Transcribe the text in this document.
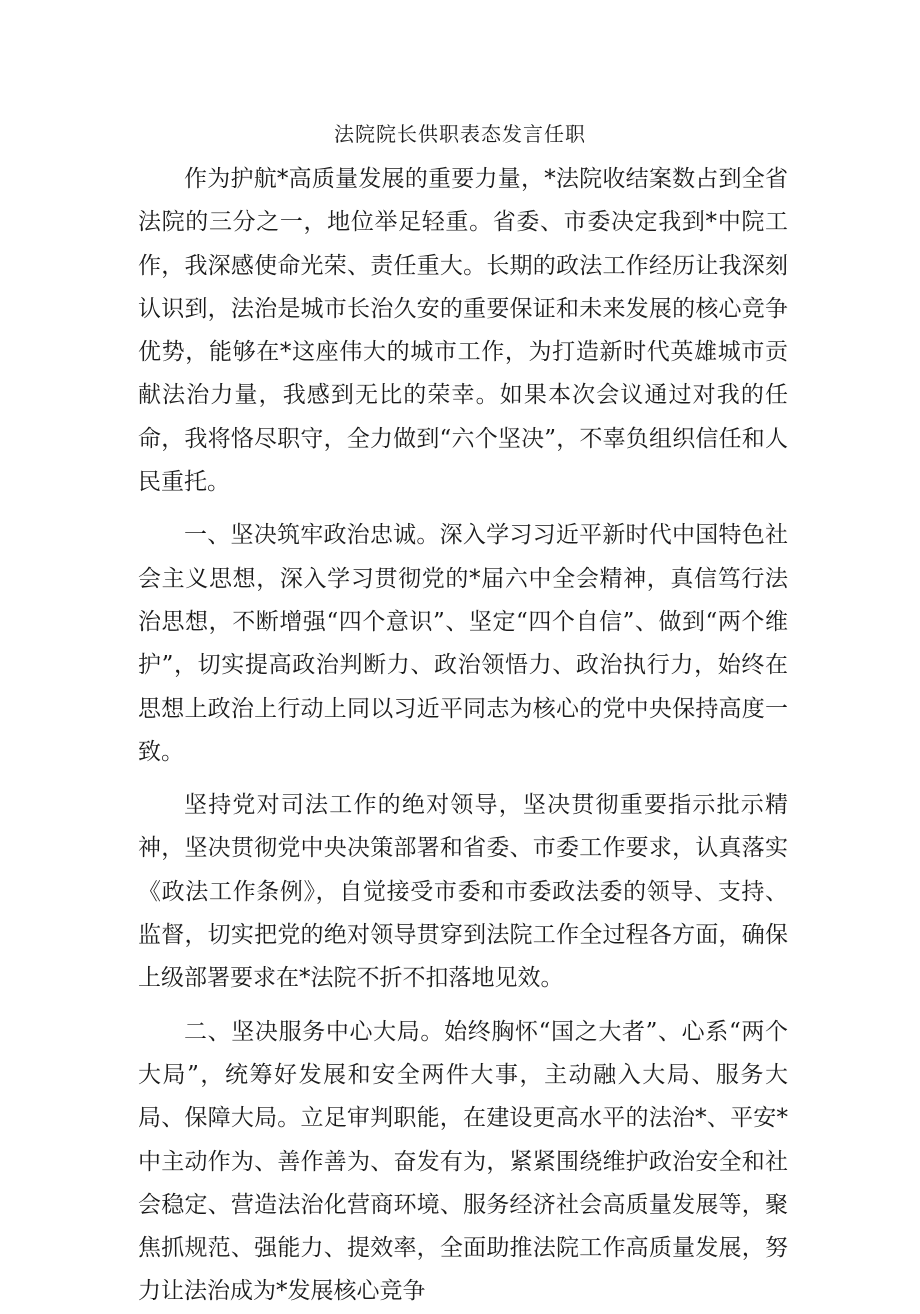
法院院长供职表态发言任职

作为护航*高质量发展的重要力量，*法院收结案数占到全省法院的三分之一，地位举足轻重。省委、市委决定我到*中院工作，我深感使命光荣、责任重大。长期的政法工作经历让我深刻认识到，法治是城市长治久安的重要保证和未来发展的核心竞争优势，能够在*这座伟大的城市工作，为打造新时代英雄城市贡献法治力量，我感到无比的荣幸。如果本次会议通过对我的任命，我将恪尽职守，全力做到“六个坚决”，不辜负组织信任和人民重托。

一、坚决筑牢政治忠诚。深入学习习近平新时代中国特色社会主义思想，深入学习贯彻党的*届六中全会精神，真信笃行法治思想，不断增强“四个意识”、坚定“四个自信”、做到“两个维护”，切实提高政治判断力、政治领悟力、政治执行力，始终在思想上政治上行动上同以习近平同志为核心的党中央保持高度一致。

坚持党对司法工作的绝对领导，坚决贯彻重要指示批示精神，坚决贯彻党中央决策部署和省委、市委工作要求，认真落实《政法工作条例》，自觉接受市委和市委政法委的领导、支持、监督，切实把党的绝对领导贯穿到法院工作全过程各方面，确保上级部署要求在*法院不折不扣落地见效。

二、坚决服务中心大局。始终胸怀“国之大者”、心系“两个大局”，统筹好发展和安全两件大事，主动融入大局、服务大局、保障大局。立足审判职能，在建设更高水平的法治*、平安*中主动作为、善作善为、奋发有为，紧紧围绕维护政治安全和社会稳定、营造法治化营商环境、服务经济社会高质量发展等，聚焦抓规范、强能力、提效率，全面助推法院工作高质量发展，努力让法治成为*发展核心竞争
